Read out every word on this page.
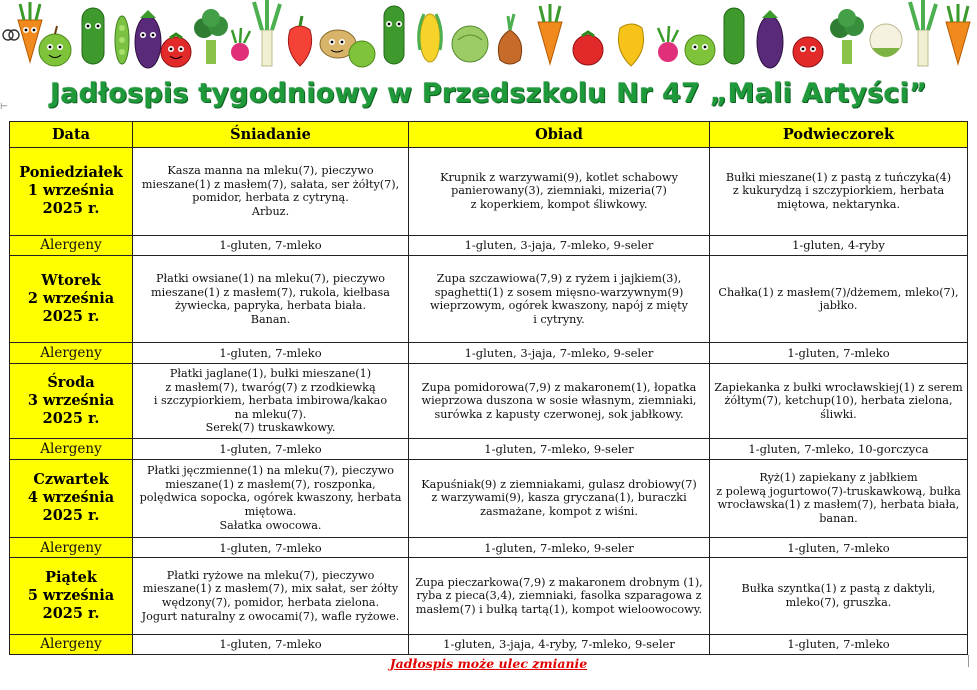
⊢	Jadłospis tygodniowy w Przedszkolu Nr 47 „Mali Artyści”
Data	Śniadanie	Obiad	Podwieczorek

Poniedziałek
1 września
2025 r.	Kasza manna na mleku(7), pieczywo
mieszane(1) z masłem(7), sałata, ser żółty(7),
pomidor, herbata z cytryną.
Arbuz.	Krupnik z warzywami(9), kotlet schabowy
panierowany(3), ziemniaki, mizeria(7)
z koperkiem, kompot śliwkowy.	Bułki mieszane(1) z pastą z tuńczyka(4)
z kukurydzą i szczypiorkiem, herbata
miętowa, nektarynka.

Alergeny	1-gluten, 7-mleko	1-gluten, 3-jaja, 7-mleko, 9-seler	1-gluten, 4-ryby

Wtorek
2 września
2025 r.	Płatki owsiane(1) na mleku(7), pieczywo
mieszane(1) z masłem(7), rukola, kiełbasa
żywiecka, papryka, herbata biała.
Banan.	Zupa szczawiowa(7,9) z ryżem i jajkiem(3),
spaghetti(1) z sosem mięsno-warzywnym(9)
wieprzowym, ogórek kwaszony, napój z mięty
i cytryny.	Chałka(1) z masłem(7)/dżemem, mleko(7),
jabłko.

Alergeny	1-gluten, 7-mleko	1-gluten, 3-jaja, 7-mleko, 9-seler	1-gluten, 7-mleko

Środa
3 września
2025 r.	Płatki jaglane(1), bułki mieszane(1)
z masłem(7), twaróg(7) z rzodkiewką
i szczypiorkiem, herbata imbirowa/kakao
na mleku(7).
Serek(7) truskawkowy.	Zupa pomidorowa(7,9) z makaronem(1), łopatka
wieprzowa duszona w sosie własnym, ziemniaki,
surówka z kapusty czerwonej, sok jabłkowy.	Zapiekanka z bułki wrocławskiej(1) z serem
żółtym(7), ketchup(10), herbata zielona,
śliwki.

Alergeny	1-gluten, 7-mleko	1-gluten, 7-mleko, 9-seler	1-gluten, 7-mleko, 10-gorczyca

Czwartek
4 września
2025 r.	Płatki jęczmienne(1) na mleku(7), pieczywo
mieszane(1) z masłem(7), roszponka,
polędwica sopocka, ogórek kwaszony, herbata
miętowa.
Sałatka owocowa.	Kapuśniak(9) z ziemniakami, gulasz drobiowy(7)
z warzywami(9), kasza gryczana(1), buraczki
zasmażane, kompot z wiśni.	Ryż(1) zapiekany z jabłkiem
z polewą jogurtowo(7)-truskawkową, bułka
wrocławska(1) z masłem(7), herbata biała,
banan.

Alergeny	1-gluten, 7-mleko	1-gluten, 7-mleko, 9-seler	1-gluten, 7-mleko

Piątek
5 września
2025 r.	Płatki ryżowe na mleku(7), pieczywo
mieszane(1) z masłem(7), mix sałat, ser żółty
wędzony(7), pomidor, herbata zielona.
Jogurt naturalny z owocami(7), wafle ryżowe.	Zupa pieczarkowa(7,9) z makaronem drobnym (1),
ryba z pieca(3,4), ziemniaki, fasolka szparagowa z
masłem(7) i bułką tartą(1), kompot wieloowocowy.	Bułka szyntka(1) z pastą z daktyli,
mleko(7), gruszka.

Alergeny	1-gluten, 7-mleko	1-gluten, 3-jaja, 4-ryby, 7-mleko, 9-seler	1-gluten, 7-mleko
Jadłospis może ulec zmianie
